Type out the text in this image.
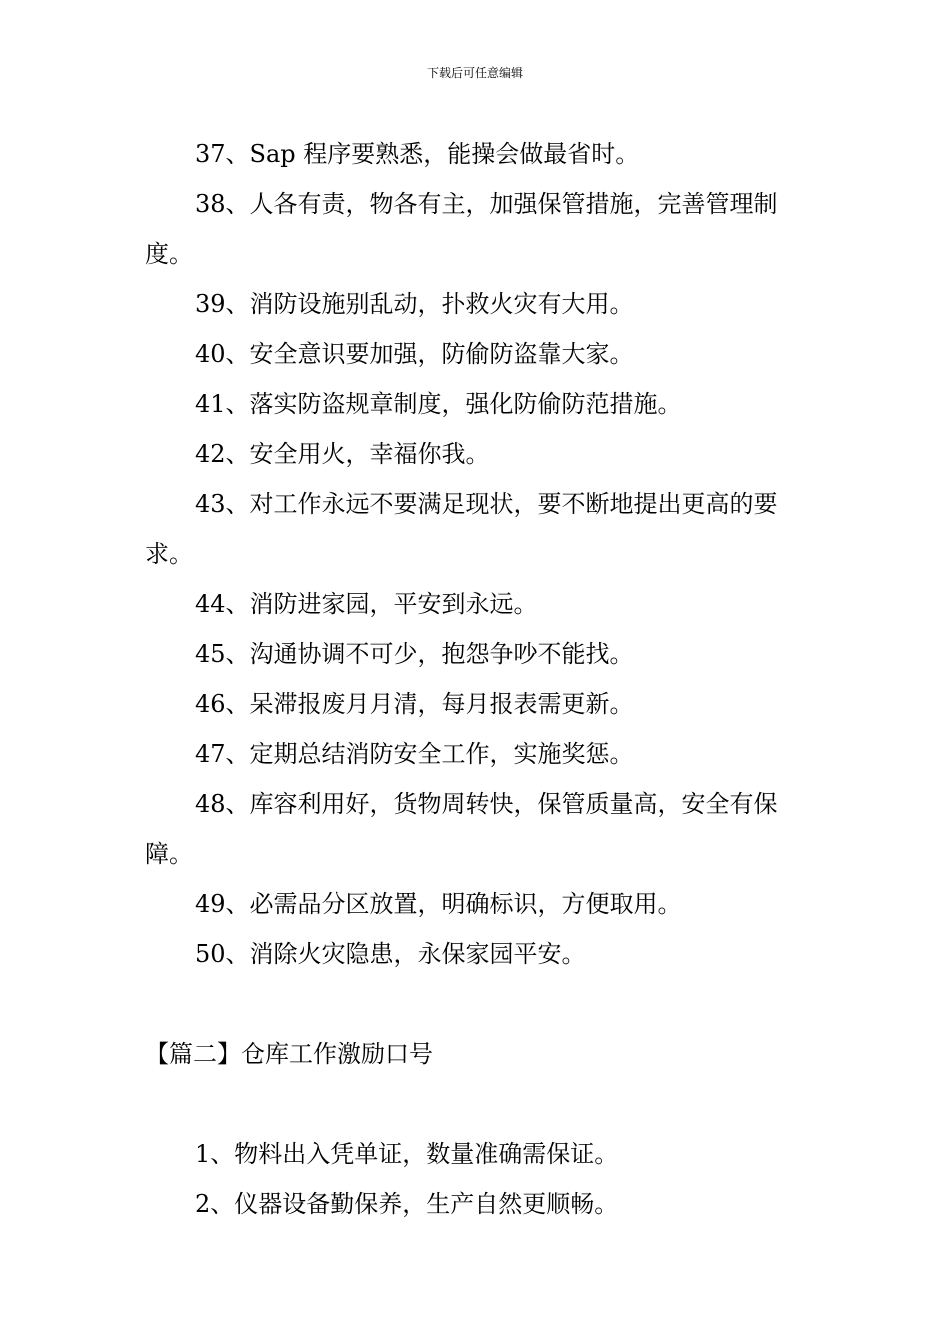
下载后可任意编辑

37、Sap 程序要熟悉，能操会做最省时。

38、人各有责，物各有主，加强保管措施，完善管理制度。

39、消防设施别乱动，扑救火灾有大用。

40、安全意识要加强，防偷防盗靠大家。

41、落实防盗规章制度，强化防偷防范措施。

42、安全用火，幸福你我。

43、对工作永远不要满足现状，要不断地提出更高的要求。

44、消防进家园，平安到永远。

45、沟通协调不可少，抱怨争吵不能找。

46、呆滞报废月月清，每月报表需更新。

47、定期总结消防安全工作，实施奖惩。

48、库容利用好，货物周转快，保管质量高，安全有保障。

49、必需品分区放置，明确标识，方便取用。

50、消除火灾隐患，永保家园平安。

【篇二】仓库工作激励口号

1、物料出入凭单证，数量准确需保证。

2、仪器设备勤保养，生产自然更顺畅。
